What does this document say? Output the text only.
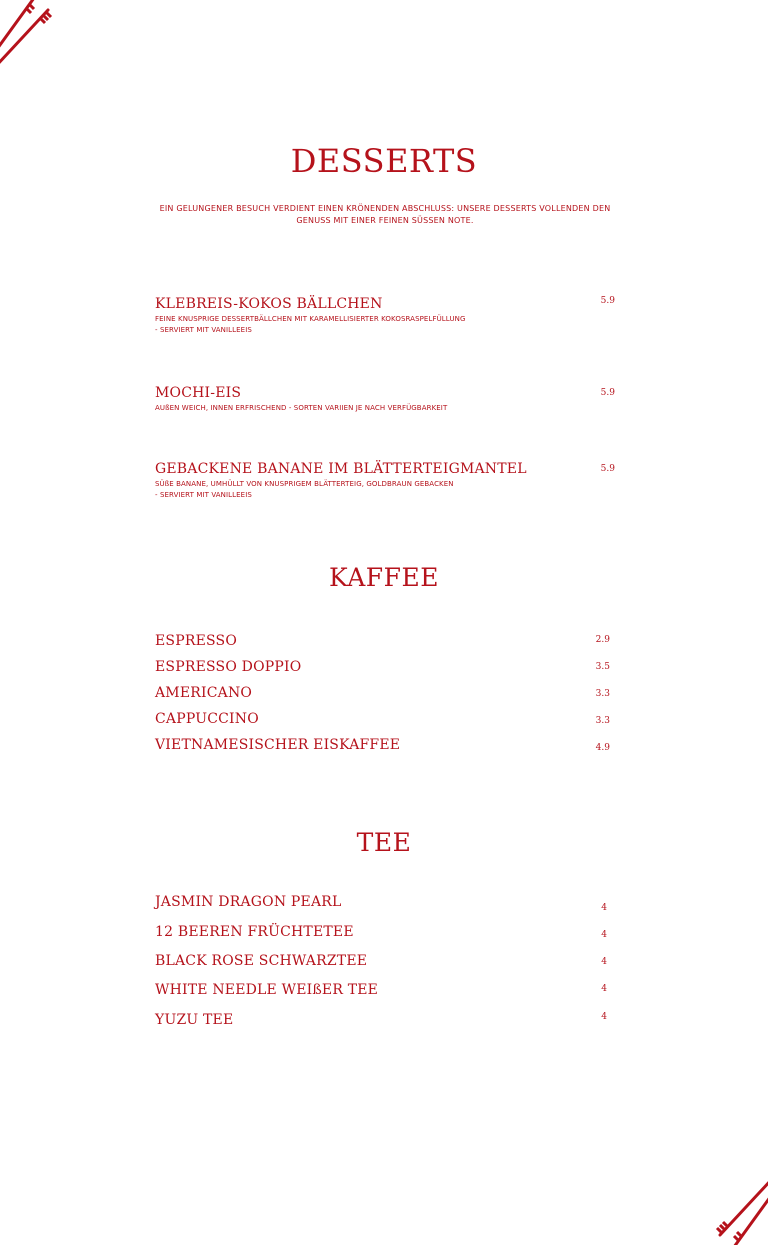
DESSERTS

EIN GELUNGENER BESUCH VERDIENT EINEN KRÖNENDEN ABSCHLUSS: UNSERE DESSERTS VOLLENDEN DEN GENUSS MIT EINER FEINEN SÜSSEN NOTE.

KLEBREIS-KOKOS BÄLLCHEN
FEINE KNUSPRIGE DESSERTBÄLLCHEN MIT KARAMELLISIERTER KOKOSRASPELFÜLLUNG
- SERVIERT MIT VANILLEEIS
5.9
MOCHI-EIS
AUßEN WEICH, INNEN ERFRISCHEND - SORTEN VARIIEN JE NACH VERFÜGBARKEIT
5.9
GEBACKENE BANANE IM BLÄTTERTEIGMANTEL
SÜßE BANANE, UMHÜLLT VON KNUSPRIGEM BLÄTTERTEIG, GOLDBRAUN GEBACKEN
- SERVIERT MIT VANILLEEIS
5.9
KAFFEE
ESPRESSO	2.9
ESPRESSO DOPPIO	3.5
AMERICANO	3.3
CAPPUCCINO	3.3
VIETNAMESISCHER EISKAFFEE	4.9
TEE
JASMIN DRAGON PEARL	4
12 BEEREN FRÜCHTETEE	4
BLACK ROSE SCHWARZTEE	4
WHITE NEEDLE WEIßER TEE	4
YUZU TEE	4
